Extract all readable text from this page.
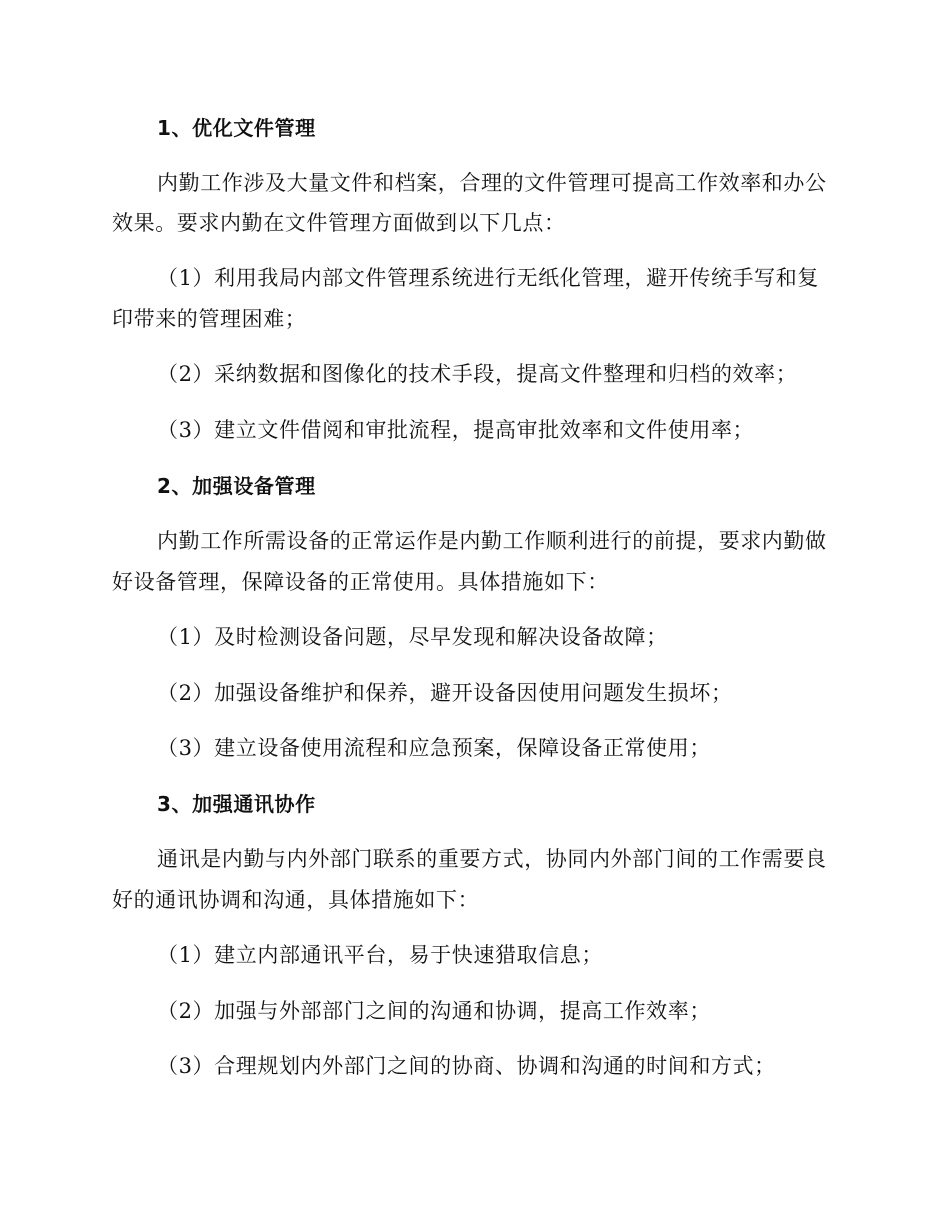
1、优化文件管理
内勤工作涉及大量文件和档案，合理的文件管理可提高工作效率和办公
效果。要求内勤在文件管理方面做到以下几点：
（1）利用我局内部文件管理系统进行无纸化管理，避开传统手写和复
印带来的管理困难；
（2）采纳数据和图像化的技术手段，提高文件整理和归档的效率；
（3）建立文件借阅和审批流程，提高审批效率和文件使用率；
2、加强设备管理
内勤工作所需设备的正常运作是内勤工作顺利进行的前提，要求内勤做
好设备管理，保障设备的正常使用。具体措施如下：
（1）及时检测设备问题，尽早发现和解决设备故障；
（2）加强设备维护和保养，避开设备因使用问题发生损坏；
（3）建立设备使用流程和应急预案，保障设备正常使用；
3、加强通讯协作
通讯是内勤与内外部门联系的重要方式，协同内外部门间的工作需要良
好的通讯协调和沟通，具体措施如下：
（1）建立内部通讯平台，易于快速猎取信息；
（2）加强与外部部门之间的沟通和协调，提高工作效率；
（3）合理规划内外部门之间的协商、协调和沟通的时间和方式；
